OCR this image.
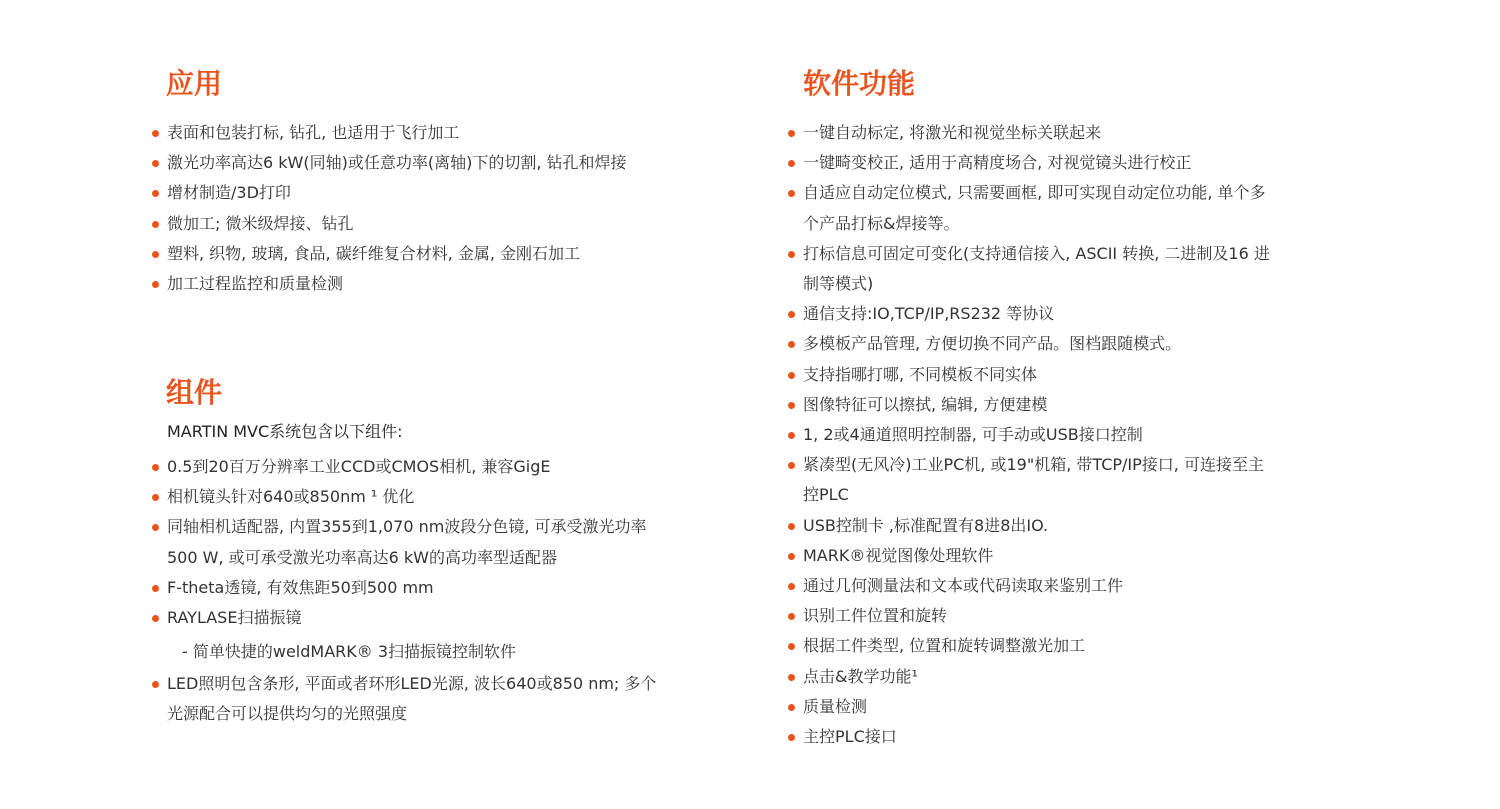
应用
表面和包装打标, 钻孔, 也适用于飞行加工
激光功率高达6 kW(同轴)或任意功率(离轴)下的切割, 钻孔和焊接
增材制造/3D打印
微加工; 微米级焊接、钻孔
塑料, 织物, 玻璃, 食品, 碳纤维复合材料, 金属, 金刚石加工
加工过程监控和质量检测
组件
MARTIN MVC系统包含以下组件:
0.5到20百万分辨率工业CCD或CMOS相机, 兼容GigE
相机镜头针对640或850nm ¹ 优化
同轴相机适配器, 内置355到1,070 nm波段分色镜, 可承受激光功率500 W, 或可承受激光功率高达6 kW的高功率型适配器
F-theta透镜, 有效焦距50到500 mm
RAYLASE扫描振镜
- 简单快捷的weldMARK® 3扫描振镜控制软件
LED照明包含条形, 平面或者环形LED光源, 波长640或850 nm; 多个光源配合可以提供均匀的光照强度
软件功能
一键自动标定, 将激光和视觉坐标关联起来
一键畸变校正, 适用于高精度场合, 对视觉镜头进行校正
自适应自动定位模式, 只需要画框, 即可实现自动定位功能, 单个多个产品打标&焊接等。
打标信息可固定可变化(支持通信接入, ASCII 转换, 二进制及16 进制等模式)
通信支持:IO,TCP/IP,RS232 等协议
多模板产品管理, 方便切换不同产品。图档跟随模式。
支持指哪打哪, 不同模板不同实体
图像特征可以擦拭, 编辑, 方便建模
1, 2或4通道照明控制器, 可手动或USB接口控制
紧凑型(无风冷)工业PC机, 或19"机箱, 带TCP/IP接口, 可连接至主控PLC
USB控制卡 ,标准配置有8进8出IO.
MARK®视觉图像处理软件
通过几何测量法和文本或代码读取来鉴别工件
识别工件位置和旋转
根据工件类型, 位置和旋转调整激光加工
点击&教学功能¹
质量检测
主控PLC接口
